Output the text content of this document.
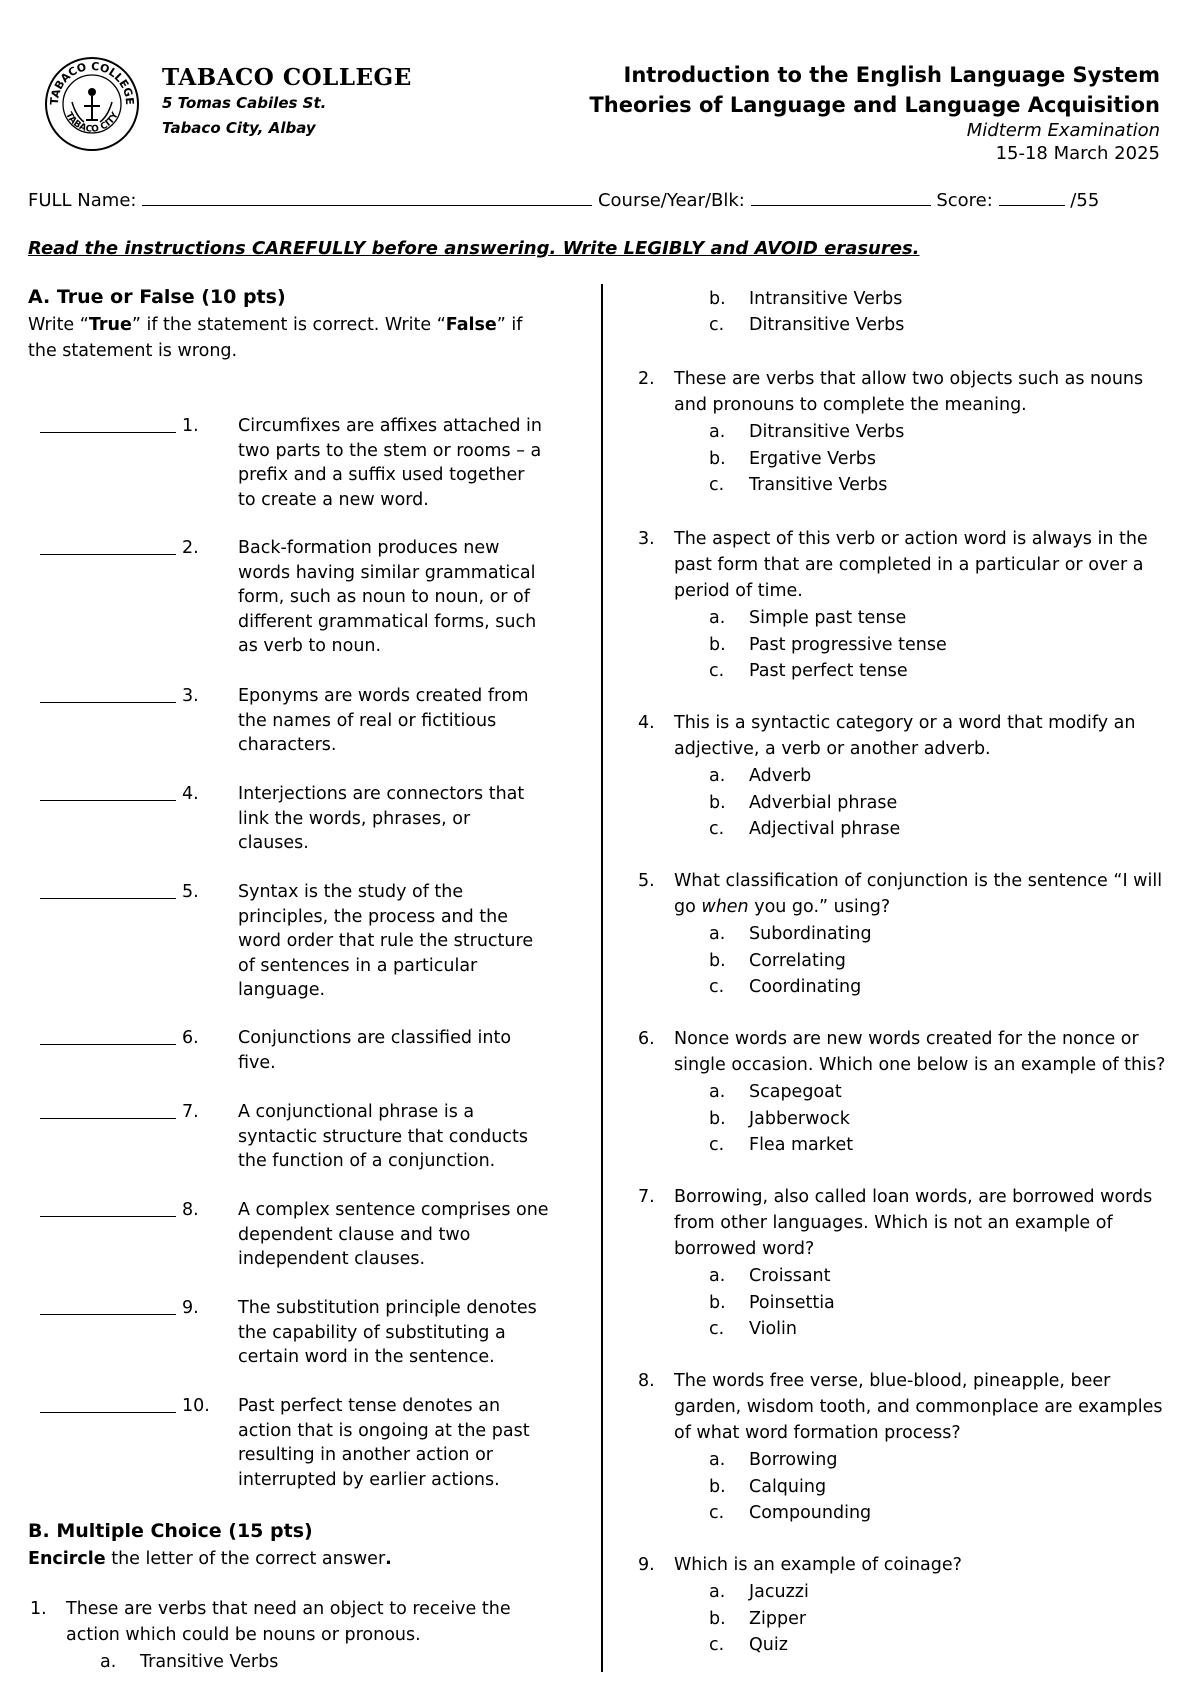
TABACO COLLEGE
TABACO CITY
TABACO COLLEGE
5 Tomas Cabiles St.
Tabaco City, Albay
Introduction to the English Language System
Theories of Language and Language Acquisition
Midterm Examination
15-18 March 2025
FULL Name:	Course/Year/Blk:	Score:	/55
Read the instructions CAREFULLY before answering. Write LEGIBLY and AVOID erasures.
A. True or False (10 pts)
Write “True” if the statement is correct. Write “False” if
the statement is wrong.
1.	Circumfixes are affixes attached in
two parts to the stem or rooms – a
prefix and a suffix used together
to create a new word.
2.	Back-formation produces new
words having similar grammatical
form, such as noun to noun, or of
different grammatical forms, such
as verb to noun.
3.	Eponyms are words created from
the names of real or fictitious
characters.
4.	Interjections are connectors that
link the words, phrases, or
clauses.
5.	Syntax is the study of the
principles, the process and the
word order that rule the structure
of sentences in a particular
language.
6.	Conjunctions are classified into
five.
7.	A conjunctional phrase is a
syntactic structure that conducts
the function of a conjunction.
8.	A complex sentence comprises one
dependent clause and two
independent clauses.
9.	The substitution principle denotes
the capability of substituting a
certain word in the sentence.
10.	Past perfect tense denotes an
action that is ongoing at the past
resulting in another action or
interrupted by earlier actions.
B. Multiple Choice (15 pts)
Encircle the letter of the correct answer.
1. These are verbs that need an object to receive the
action which could be nouns or pronous.
a. Transitive Verbs
b. Intransitive Verbs
c. Ditransitive Verbs
2. These are verbs that allow two objects such as nouns
and pronouns to complete the meaning.
a. Ditransitive Verbs
b. Ergative Verbs
c. Transitive Verbs
3. The aspect of this verb or action word is always in the
past form that are completed in a particular or over a
period of time.
a. Simple past tense
b. Past progressive tense
c. Past perfect tense
4. This is a syntactic category or a word that modify an
adjective, a verb or another adverb.
a. Adverb
b. Adverbial phrase
c. Adjectival phrase
a. Subordinating
b. Correlating
c. Coordinating
6. Nonce words are new words created for the nonce or
single occasion. Which one below is an example of this?
a. Scapegoat
b. Jabberwock
c. Flea market
7. Borrowing, also called loan words, are borrowed words
from other languages. Which is not an example of
borrowed word?
a. Croissant
b. Poinsettia
c. Violin
8. The words free verse, blue-blood, pineapple, beer
garden, wisdom tooth, and commonplace are examples
of what word formation process?
a. Borrowing
b. Calquing
c. Compounding
9. Which is an example of coinage?
a. Jacuzzi
b. Zipper
c. Quiz
5. What classification of conjunction is the sentence “I will
go when you go.” using?
